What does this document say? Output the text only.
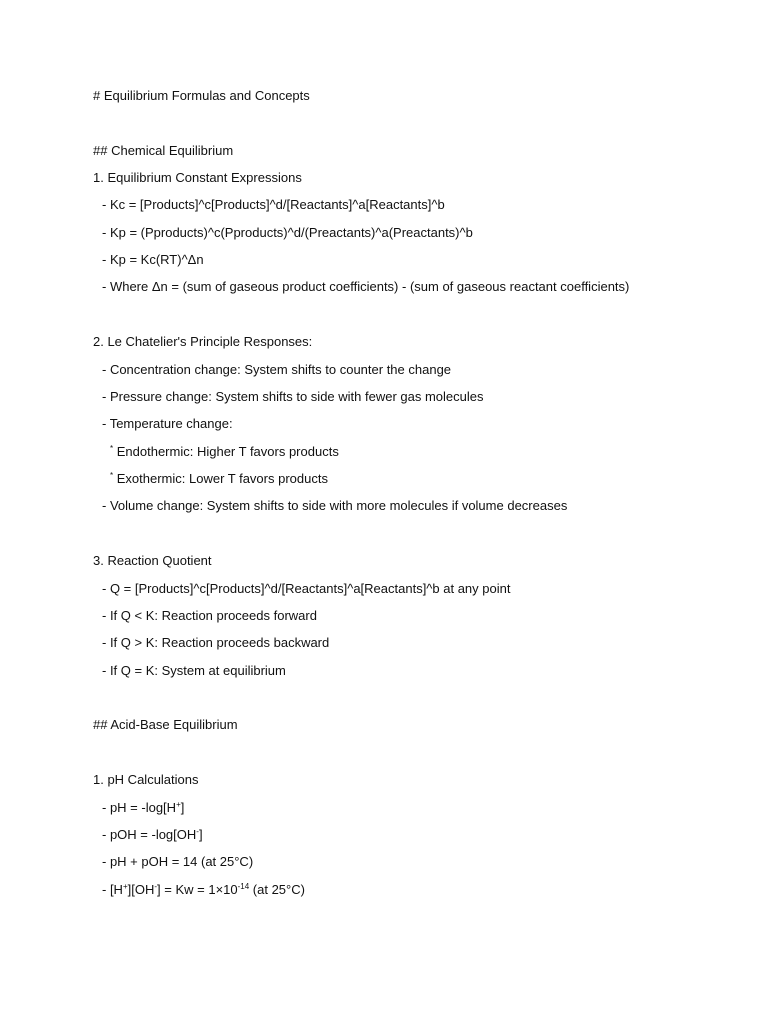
# Equilibrium Formulas and Concepts
## Chemical Equilibrium
1. Equilibrium Constant Expressions
- Kc = [Products]^c[Products]^d/[Reactants]^a[Reactants]^b
- Kp = (Pproducts)^c(Pproducts)^d/(Preactants)^a(Preactants)^b
- Kp = Kc(RT)^Δn
- Where Δn = (sum of gaseous product coefficients) - (sum of gaseous reactant coefficients)
2. Le Chatelier's Principle Responses:
- Concentration change: System shifts to counter the change
- Pressure change: System shifts to side with fewer gas molecules
- Temperature change:
* Endothermic: Higher T favors products
* Exothermic: Lower T favors products
- Volume change: System shifts to side with more molecules if volume decreases
3. Reaction Quotient
- Q = [Products]^c[Products]^d/[Reactants]^a[Reactants]^b at any point
- If Q < K: Reaction proceeds forward
- If Q > K: Reaction proceeds backward
- If Q = K: System at equilibrium
## Acid-Base Equilibrium
1. pH Calculations
- pH = -log[H+]
- pOH = -log[OH-]
- pH + pOH = 14 (at 25°C)
- $[H^+][OH^-] = Kw = 1\times 10^{-14}$ (at 25°C)
